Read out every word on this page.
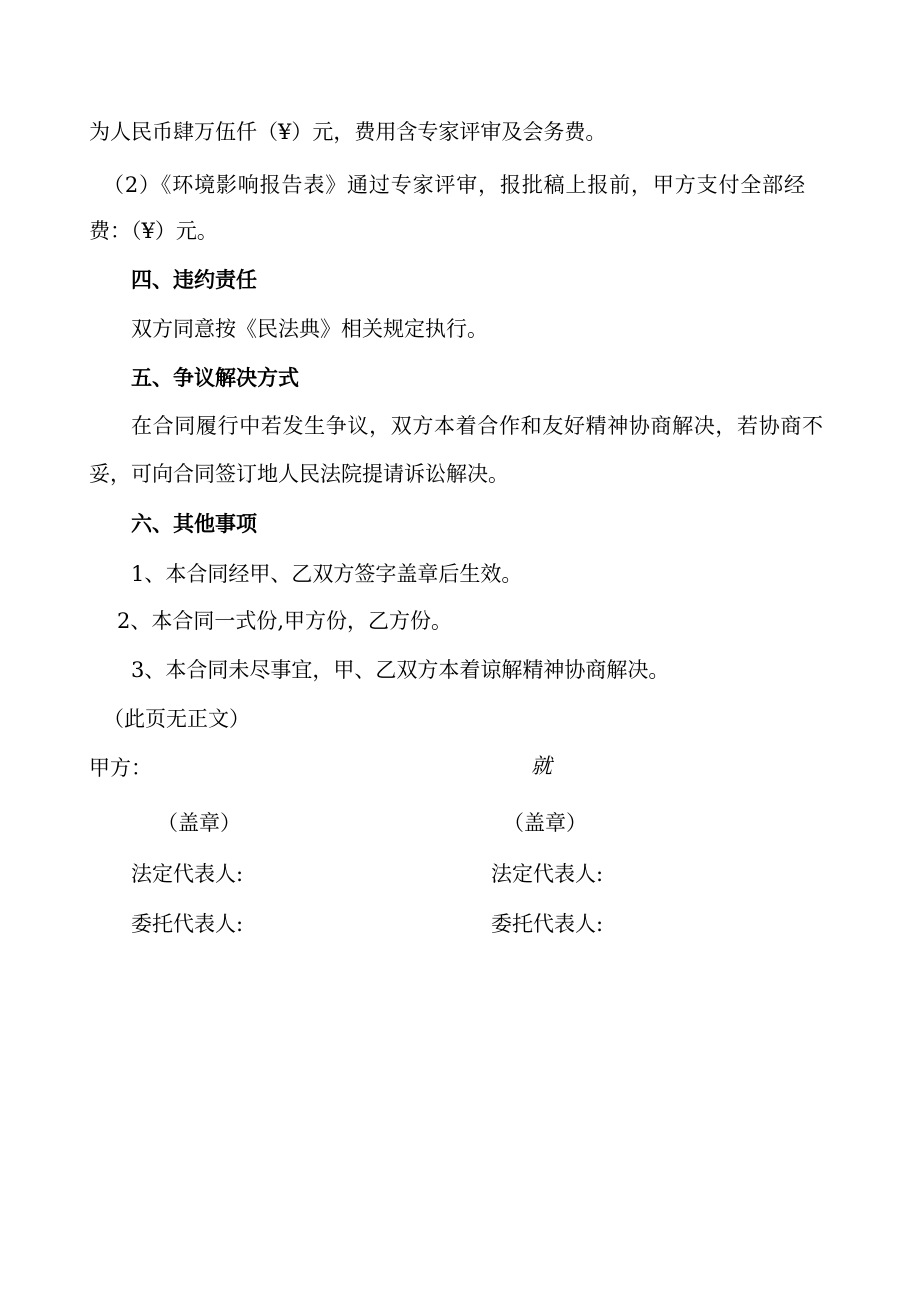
为人民币肆万伍仟（¥）元，费用含专家评审及会务费。

（2）《环境影响报告表》通过专家评审，报批稿上报前，甲方支付全部经

费：（¥）元。

四、违约责任

双方同意按《民法典》相关规定执行。

五、争议解决方式

在合同履行中若发生争议，双方本着合作和友好精神协商解决，若协商不

妥，可向合同签订地人民法院提请诉讼解决。

六、其他事项

1、本合同经甲、乙双方签字盖章后生效。

2、本合同一式份,甲方份，乙方份。

3、本合同未尽事宜，甲、乙双方本着谅解精神协商解决。

（此页无正文）

甲方：	就

（盖章）	（盖章）

法定代表人:	法定代表人:

委托代表人:	委托代表人:
